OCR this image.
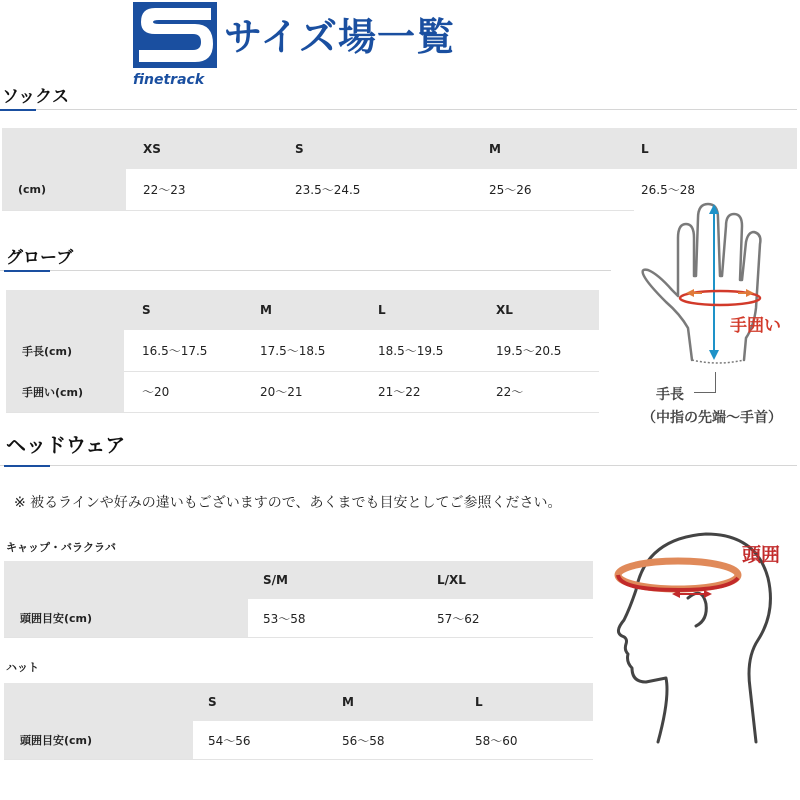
finetrack
サイズ場一覧
ソックス
XS	S	M	L
(cm)	22〜23	23.5〜24.5	25〜26	26.5〜28
グローブ
S	M	L	XL
手長(cm)	16.5〜17.5	17.5〜18.5	18.5〜19.5	19.5〜20.5
手囲い(cm)	〜20	20〜21	21〜22	22〜
手囲い
手長
（中指の先端〜手首）
ヘッドウェア
※ 被るラインや好みの違いもございますので、あくまでも目安としてご参照ください。
キャップ・バラクラバ
S/M	L/XL
頭囲目安(cm)	53〜58	57〜62
ハット
S	M	L
頭囲目安(cm)	54〜56	56〜58	58〜60
頭囲
